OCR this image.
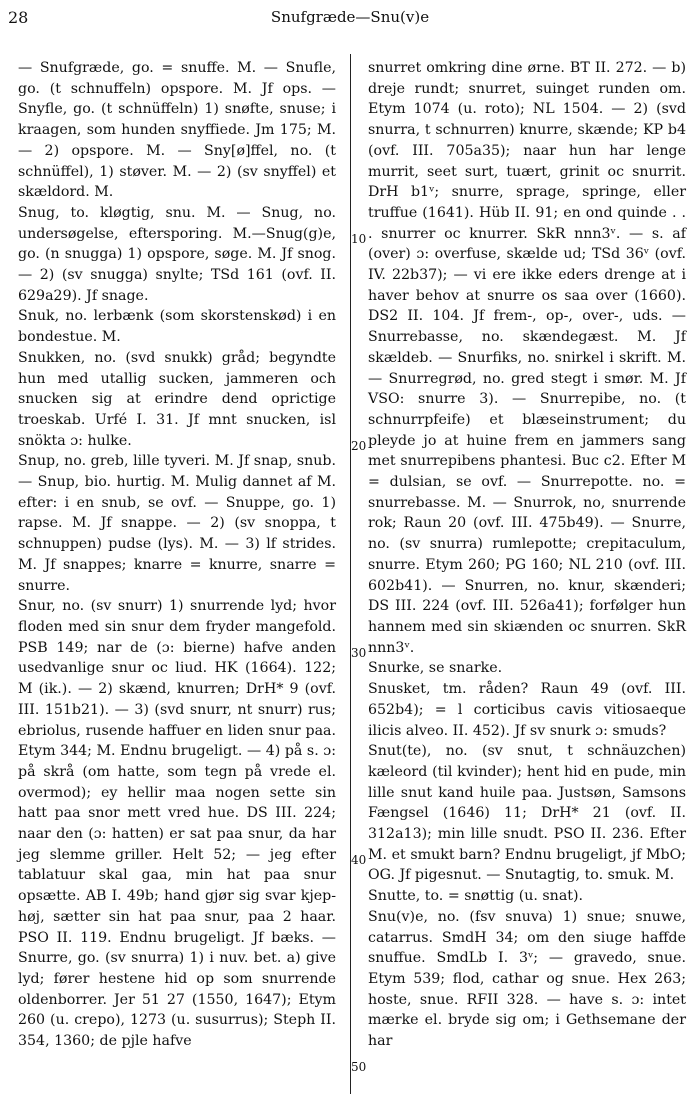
28	Snufgræde—Snu(v)e
10
20
30
40
50

— Snufgræde, go. = snuffe. M. — Snufle, go. (t schnuffeln) opspore. M. Jf ops. — Snyfle, go. (t schnüffeln) 1) snøfte, snuse; i kraagen, som hunden snyffiede. Jm 175; M. — 2) opspore. M. — Sny[ø]ffel, no. (t schnüffel), 1) støver. M. — 2) (sv snyffel) et skældord. M.

Snug, to. kløgtig, snu. M. — Snug, no. undersøgelse, eftersporing. M.—Snug(g)e, go. (n snugga) 1) opspore, søge. M. Jf snog. — 2) (sv snugga) snylte; TSd 161 (ovf. II. 629a29). Jf snage.

Snuk, no. lerbænk (som skorstenskød) i en bondestue. M.

Snukken, no. (svd snukk) gråd; begyndte hun med utallig sucken, jammeren och snucken sig at erindre dend oprictige troeskab. Urfé I. 31. Jf mnt snucken, isl snökta ɔ: hulke.

Snup, no. greb, lille tyveri. M. Jf snap, snub. — Snup, bio. hurtig. M. Mulig dannet af M. efter: i en snub, se ovf. — Snuppe, go. 1) rapse. M. Jf snappe. — 2) (sv snoppa, t schnuppen) pudse (lys). M. — 3) lf strides. M. Jf snappes; knarre = knurre, snarre = snurre.

Snur, no. (sv snurr) 1) snurrende lyd; hvor floden med sin snur dem fryder mangefold. PSB 149; nar de (ɔ: bierne) hafve anden usedvanlige snur oc liud. HK (1664). 122; M (ik.). — 2) skænd, knurren; DrH* 9 (ovf. III. 151b21). — 3) (svd snurr, nt snurr) rus; ebriolus, rusende haffuer en liden snur paa. Etym 344; M. Endnu brugeligt. — 4) på s. ɔ: på skrå (om hatte, som tegn på vrede el. overmod); ey hellir maa nogen sette sin hatt paa snor mett vred hue. DS III. 224; naar den (ɔ: hatten) er sat paa snur, da har jeg slemme griller. Helt 52; — jeg efter tablatuur skal gaa, min hat paa snur opsætte. AB I. 49b; hand gjør sig svar kjep-høj, sætter sin hat paa snur, paa 2 haar. PSO II. 119. Endnu brugeligt. Jf bæks. — Snurre, go. (sv snurra) 1) i nuv. bet. a) give lyd; fører hestene hid op som snurrende oldenborrer. Jer 51 27 (1550, 1647); Etym 260 (u. crepo), 1273 (u. susurrus); Steph II. 354, 1360; de pjle hafve

snurret omkring dine ørne. BT II. 272. — b) dreje rundt; snurret, suinget runden om. Etym 1074 (u. roto); NL 1504. — 2) (svd snurra, t schnurren) knurre, skænde; KP b4 (ovf. III. 705a35); naar hun har lenge murrit, seet surt, tuært, grinit oc snurrit. DrH b1ᵛ; snurre, sprage, springe, eller truffue (1641). Hüb II. 91; en ond quinde . . . snurrer oc knurrer. SkR nnn3ᵛ. — s. af (over) ɔ: overfuse, skælde ud; TSd 36ᵛ (ovf. IV. 22b37); — vi ere ikke eders drenge at i haver behov at snurre os saa over (1660). DS2 II. 104. Jf frem-, op-, over-, uds. — Snurrebasse, no. skændegæst. M. Jf skældeb. — Snurfiks, no. snirkel i skrift. M. — Snurregrød, no. gred stegt i smør. M. Jf VSO: snurre 3). — Snurrepibe, no. (t schnurrpfeife) et blæseinstrument; du pleyde jo at huine frem en jammers sang met snurrepibens phantesi. Buc c2. Efter M = dulsian, se ovf. — Snurrepotte. no. = snurrebasse. M. — Snurrok, no, snurrende rok; Raun 20 (ovf. III. 475b49). — Snurre, no. (sv snurra) rumlepotte; crepitaculum, snurre. Etym 260; PG 160; NL 210 (ovf. III. 602b41). — Snurren, no. knur, skænderi; DS III. 224 (ovf. III. 526a41); forfølger hun hannem med sin skiænden oc snurren. SkR nnn3ᵛ.

Snurke, se snarke.

Snusket, tm. råden? Raun 49 (ovf. III. 652b4); = l corticibus cavis vitiosaeque ilicis alveo. II. 452). Jf sv snurk ɔ: smuds?

Snut(te), no. (sv snut, t schnäuzchen) kæleord (til kvinder); hent hid en pude, min lille snut kand huile paa. Justsøn, Samsons Fængsel (1646) 11; DrH* 21 (ovf. II. 312a13); min lille snudt. PSO II. 236. Efter M. et smukt barn? Endnu brugeligt, jf MbO; OG. Jf pigesnut. — Snutagtig, to. smuk. M.

Snutte, to. = snøttig (u. snat).

Snu(v)e, no. (fsv snuva) 1) snue; snuwe, catarrus. SmdH 34; om den siuge haffde snuffue. SmdLb I. 3ᵛ; — gravedo, snue. Etym 539; flod, cathar og snue. Hex 263; hoste, snue. RFII 328. — have s. ɔ: intet mærke el. bryde sig om; i Gethsemane der har
